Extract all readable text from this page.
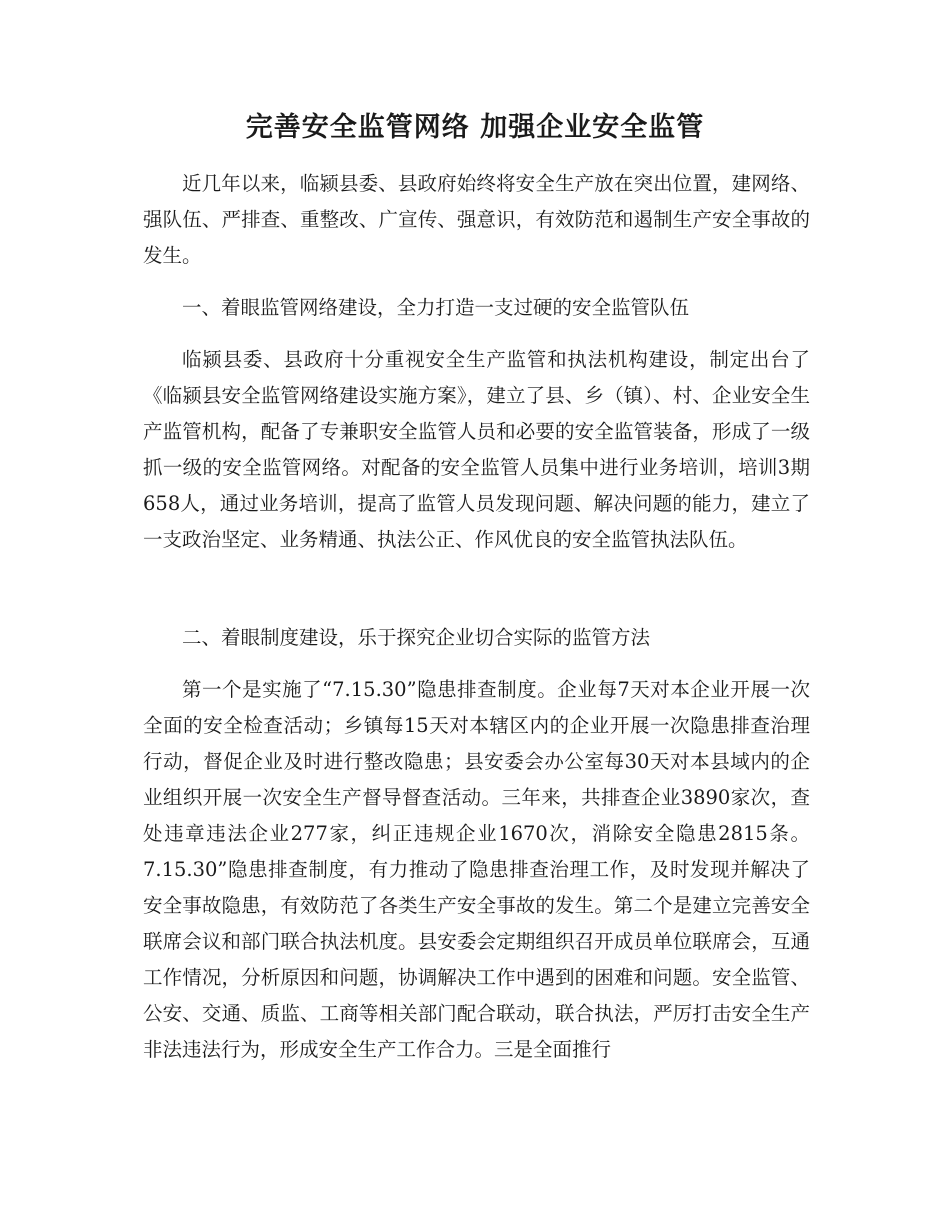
完善安全监管网络 加强企业安全监管

近几年以来，临颍县委、县政府始终将安全生产放在突出位置，建网络、强队伍、严排查、重整改、广宣传、强意识，有效防范和遏制生产安全事故的发生。

一、着眼监管网络建设，全力打造一支过硬的安全监管队伍

临颍县委、县政府十分重视安全生产监管和执法机构建设，制定出台了《临颍县安全监管网络建设实施方案》，建立了县、乡（镇）、村、企业安全生产监管机构，配备了专兼职安全监管人员和必要的安全监管装备，形成了一级抓一级的安全监管网络。对配备的安全监管人员集中进行业务培训，培训3期658人，通过业务培训，提高了监管人员发现问题、解决问题的能力，建立了一支政治坚定、业务精通、执法公正、作风优良的安全监管执法队伍。

二、着眼制度建设，乐于探究企业切合实际的监管方法

第一个是实施了“7.15.30”隐患排查制度。企业每7天对本企业开展一次全面的安全检查活动；乡镇每15天对本辖区内的企业开展一次隐患排查治理行动，督促企业及时进行整改隐患；县安委会办公室每30天对本县域内的企业组织开展一次安全生产督导督查活动。三年来，共排查企业3890家次，查处违章违法企业277家，纠正违规企业1670次，消除安全隐患2815条。7.15.30”隐患排查制度，有力推动了隐患排查治理工作，及时发现并解决了安全事故隐患，有效防范了各类生产安全事故的发生。第二个是建立完善安全联席会议和部门联合执法机度。县安委会定期组织召开成员单位联席会，互通工作情况，分析原因和问题，协调解决工作中遇到的困难和问题。安全监管、公安、交通、质监、工商等相关部门配合联动，联合执法，严厉打击安全生产非法违法行为，形成安全生产工作合力。三是全面推行
